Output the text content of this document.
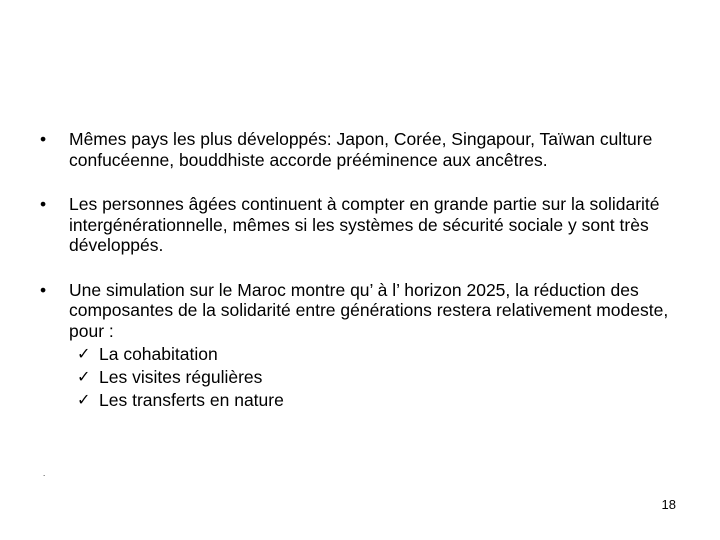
•	Mêmes pays les plus développés: Japon, Corée, Singapour, Taïwan culture confucéenne, bouddhiste accorde prééminence aux ancêtres.
•	Les personnes âgées continuent à compter en grande partie sur la solidarité intergénérationnelle, mêmes si les systèmes de sécurité sociale y sont très développés.
•	Une simulation sur le Maroc montre qu’ à l’ horizon 2025, la réduction des composantes de la solidarité entre générations restera relativement modeste, pour :
✓ La cohabitation
✓ Les visites régulières
✓ Les transferts en nature
.
18
